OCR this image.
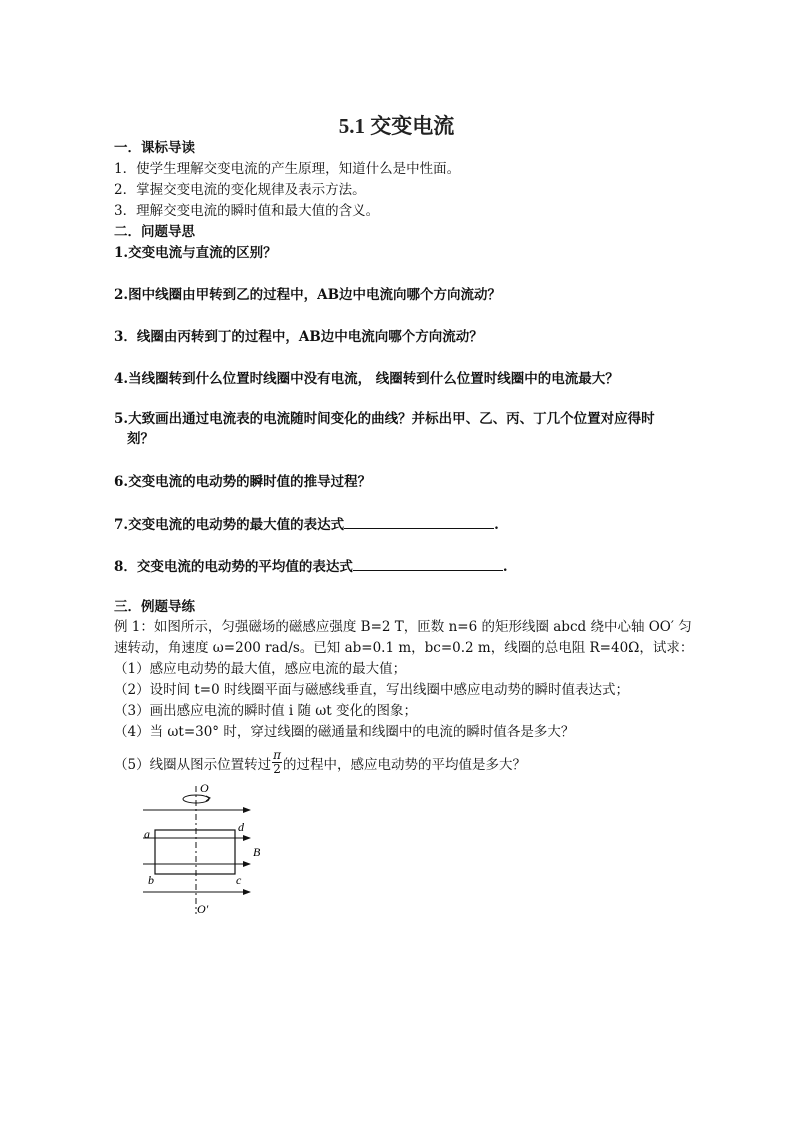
5.1 交变电流
一．课标导读
1．使学生理解交变电流的产生原理，知道什么是中性面。
2．掌握交变电流的变化规律及表示方法。
3．理解交变电流的瞬时值和最大值的含义。
二．问题导思
1.交变电流与直流的区别？
2.图中线圈由甲转到乙的过程中，AB边中电流向哪个方向流动？
3．线圈由丙转到丁的过程中，AB边中电流向哪个方向流动？
4.当线圈转到什么位置时线圈中没有电流， 线圈转到什么位置时线圈中的电流最大？
5.大致画出通过电流表的电流随时间变化的曲线？并标出甲、乙、丙、丁几个位置对应得时
刻？
6.交变电流的电动势的瞬时值的推导过程？
7.交变电流的电动势的最大值的表达式	.
8．交变电流的电动势的平均值的表达式	.
三．例题导练
例 1：如图所示，匀强磁场的磁感应强度 B=2 T，匝数 n=6 的矩形线圈 abcd 绕中心轴 OO′ 匀
速转动，角速度 ω=200 rad/s。已知 ab=0.1 m，bc=0.2 m，线圈的总电阻 R=40Ω，试求：
（1）感应电动势的最大值，感应电流的最大值；
（2）设时间 t=0 时线圈平面与磁感线垂直，写出线圈中感应电动势的瞬时值表达式；
（3）画出感应电流的瞬时值 i 随 ωt 变化的图象；
（4）当 ωt=30° 时，穿过线圈的磁通量和线圈中的电流的瞬时值各是多大？
（5）线圈从图示位置转过 $\frac{\pi}{2}$ 的过程中，感应电动势的平均值是多大？
O
O′
a
b	c
d
B
